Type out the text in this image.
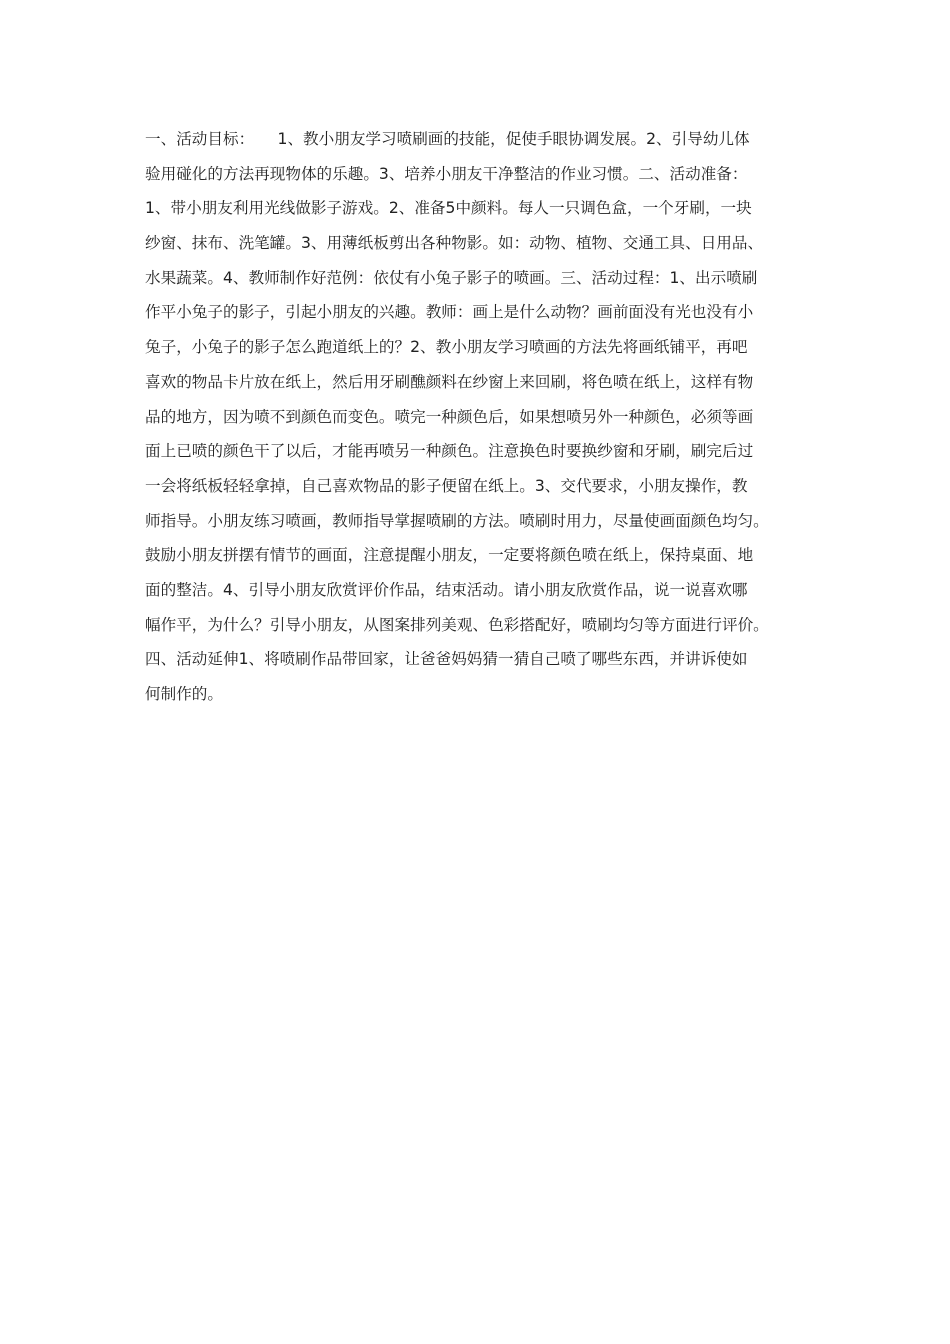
一、活动目标：　　1、教小朋友学习喷刷画的技能，促使手眼协调发展。2、引导幼儿体
验用碰化的方法再现物体的乐趣。3、培养小朋友干净整洁的作业习惯。二、活动准备：
1、带小朋友利用光线做影子游戏。2、准备5中颜料。每人一只调色盒，一个牙刷，一块
纱窗、抹布、洗笔罐。3、用薄纸板剪出各种物影。如：动物、植物、交通工具、日用品、
水果蔬菜。4、教师制作好范例：依仗有小兔子影子的喷画。三、活动过程：1、出示喷刷
作平小兔子的影子，引起小朋友的兴趣。教师：画上是什么动物？画前面没有光也没有小
兔子，小兔子的影子怎么跑道纸上的？2、教小朋友学习喷画的方法先将画纸铺平，再吧
喜欢的物品卡片放在纸上，然后用牙刷醮颜料在纱窗上来回刷，将色喷在纸上，这样有物
品的地方，因为喷不到颜色而变色。喷完一种颜色后，如果想喷另外一种颜色，必须等画
面上已喷的颜色干了以后，才能再喷另一种颜色。注意换色时要换纱窗和牙刷，刷完后过
一会将纸板轻轻拿掉，自己喜欢物品的影子便留在纸上。3、交代要求，小朋友操作，教
师指导。小朋友练习喷画，教师指导掌握喷刷的方法。喷刷时用力，尽量使画面颜色均匀。
鼓励小朋友拼摆有情节的画面，注意提醒小朋友，一定要将颜色喷在纸上，保持桌面、地
面的整洁。4、引导小朋友欣赏评价作品，结束活动。请小朋友欣赏作品，说一说喜欢哪
幅作平，为什么？引导小朋友，从图案排列美观、色彩搭配好，喷刷均匀等方面进行评价。
四、活动延伸1、将喷刷作品带回家，让爸爸妈妈猜一猜自己喷了哪些东西，并讲诉使如
何制作的。
